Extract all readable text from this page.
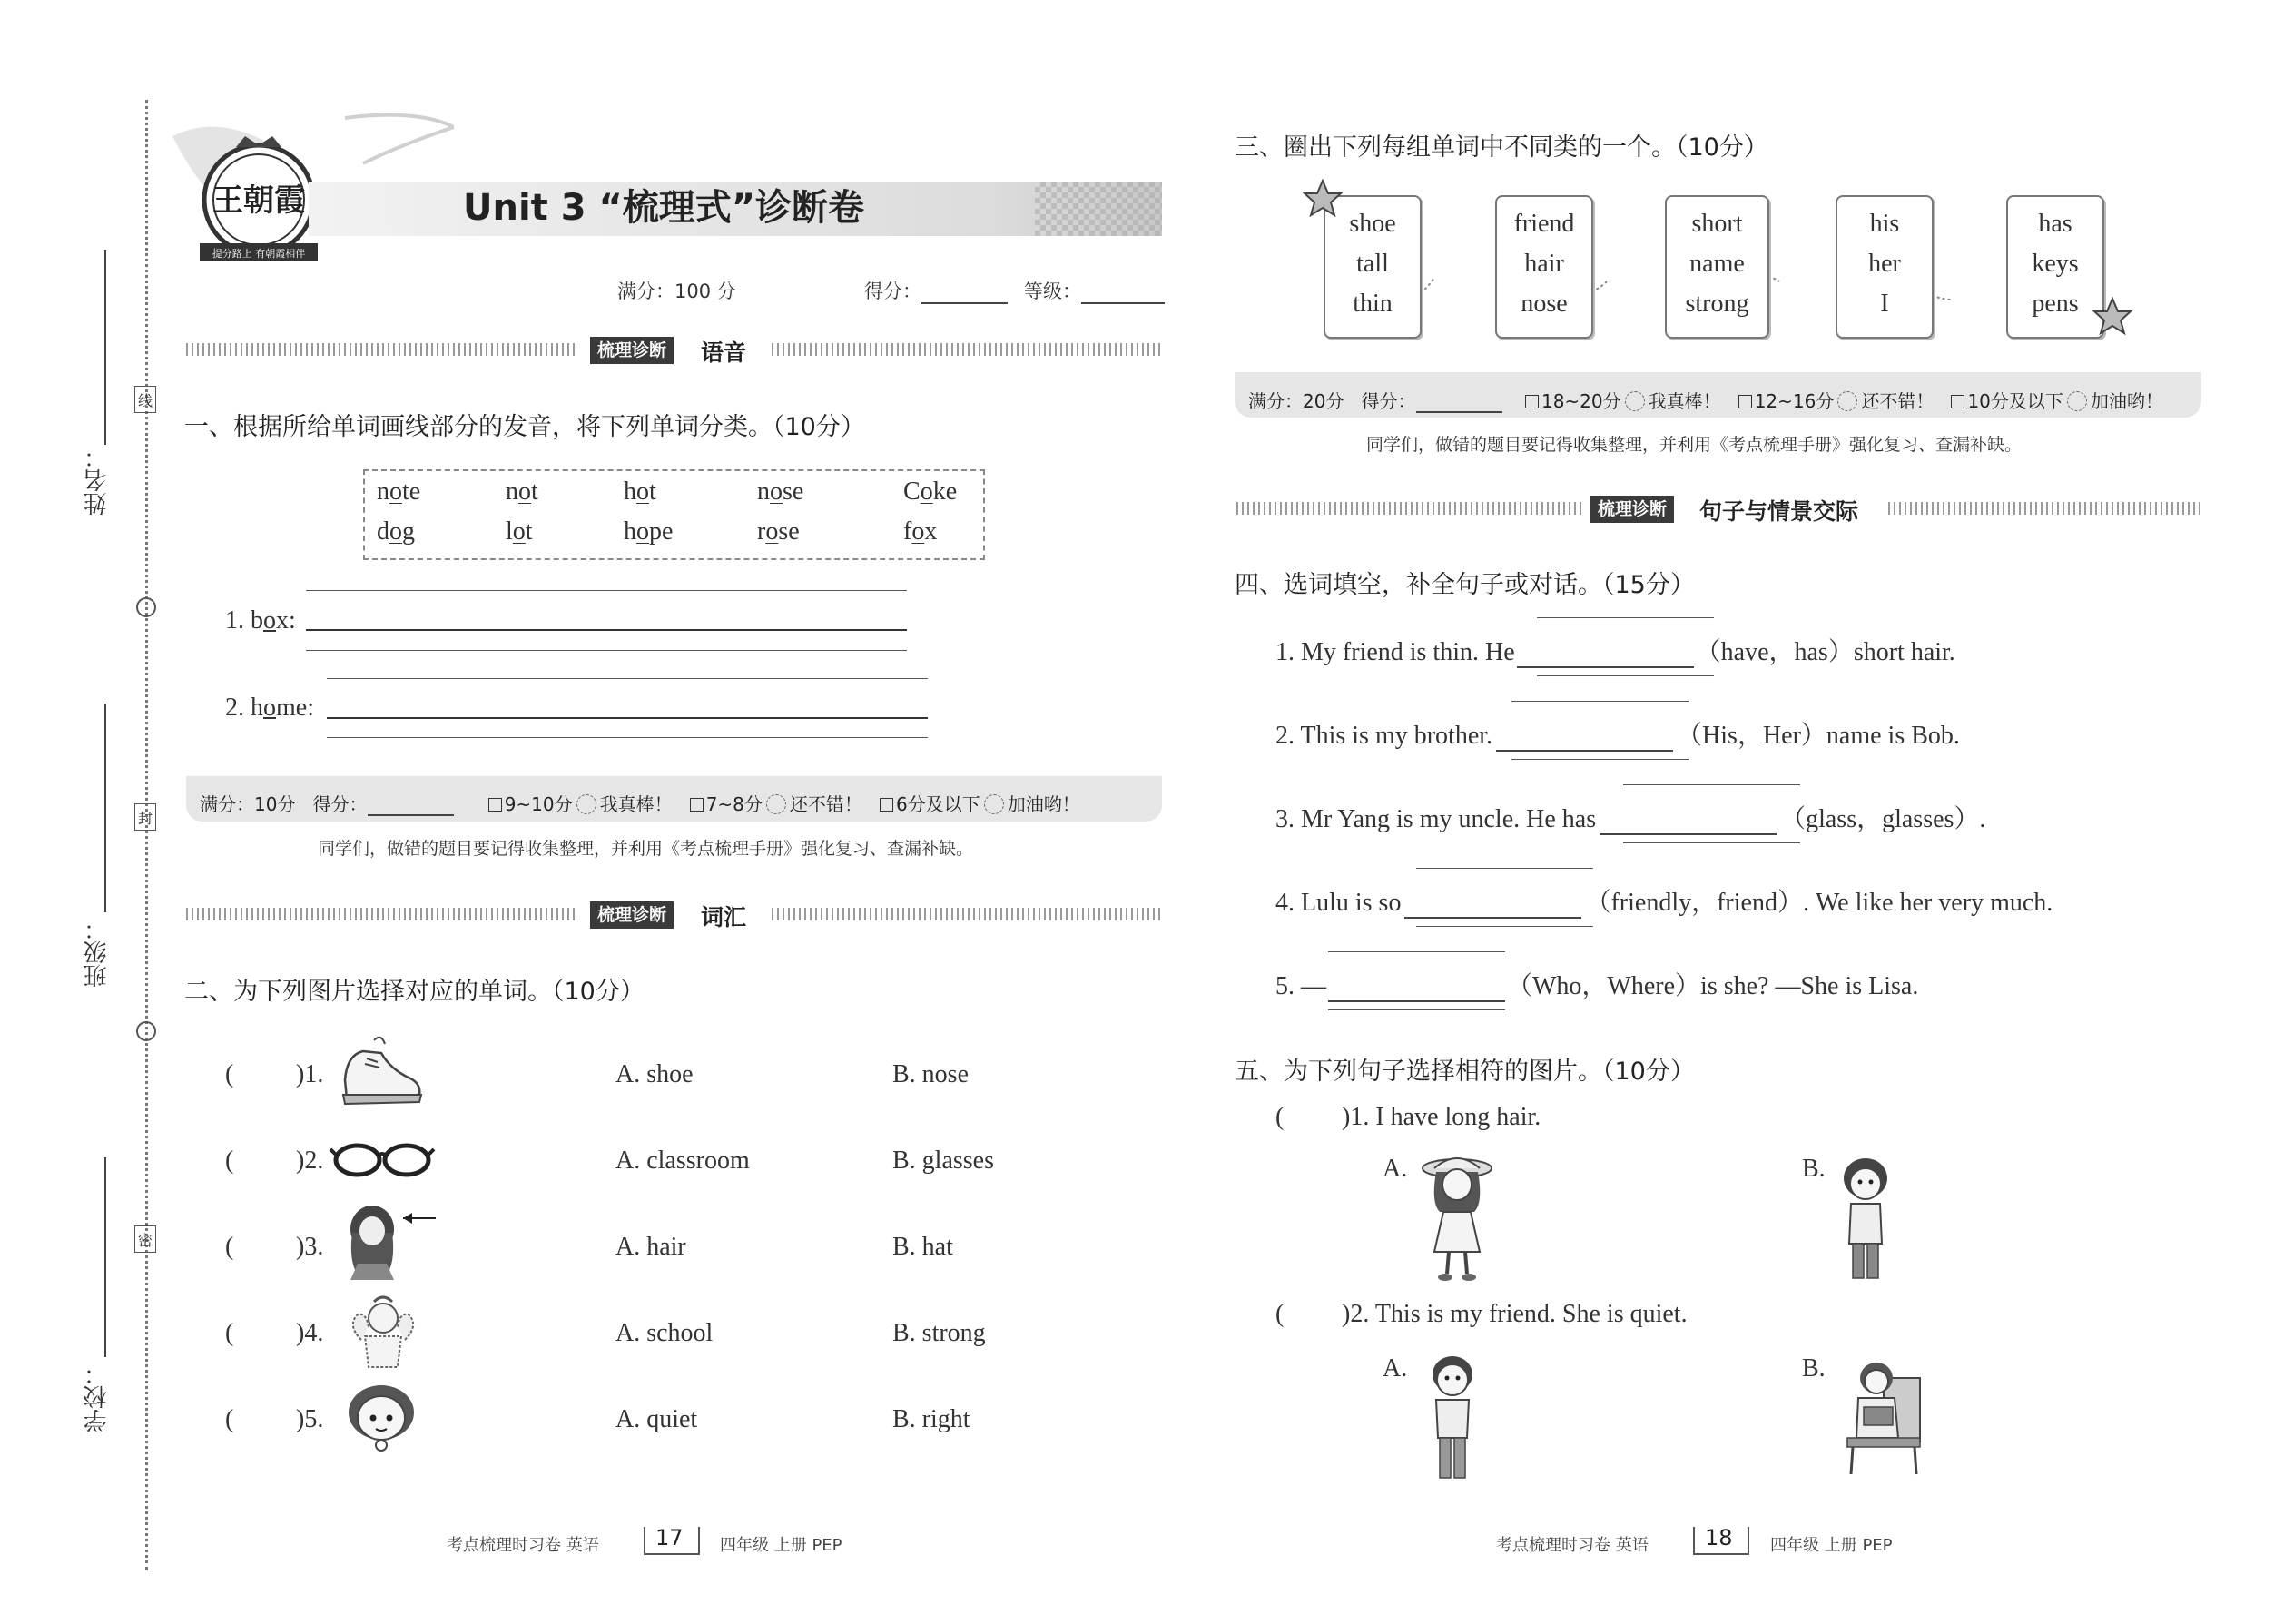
姓名：
班级：
学校：
线
封
密
王朝霞
提分路上 有朝霞相伴
Unit 3 “梳理式”诊断卷
满分：100 分	得分：	等级：
梳理诊断	语音
一、根据所给单词画线部分的发音，将下列单词分类。（10分）
note	not	hot	nose	Coke
dog	lot	hope	rose	fox
1. box:
2. home:
满分：10分 得分：	9~10分 我真棒！ 7~8分 还不错！ 6分及以下 加油哟！
同学们，做错的题目要记得收集整理，并利用《考点梳理手册》强化复习、查漏补缺。
梳理诊断	词汇
二、为下列图片选择对应的单词。（10分）
( )1.	A. shoe	B. nose
( )2.	A. classroom	B. glasses
( )3.	A. hair	B. hat
( )4.	A. school	B. strong
( )5.	A. quiet	B. right
考点梳理时习卷 英语	17 四年级 上册 PEP
三、圈出下列每组单词中不同类的一个。（10分）
shoe
tall
thin
friend
hair
nose
short
name
strong
his
her
I
has
keys
pens
满分：20分 得分：	18~20分 我真棒！ 12~16分 还不错！ 10分及以下 加油哟！
同学们，做错的题目要记得收集整理，并利用《考点梳理手册》强化复习、查漏补缺。
梳理诊断	句子与情景交际
四、选词填空，补全句子或对话。（15分）
1. My friend is thin. He	（have，has）short hair.
2. This is my brother.	（His，Her）name is Bob.
3. Mr Yang is my uncle. He has	（glass，glasses）.
4. Lulu is so	（friendly，friend）. We like her very much.
5. —	（Who，Where）is she? —She is Lisa.
五、为下列句子选择相符的图片。（10分）
( )1. I have long hair.
A.	B.
( )2. This is my friend. She is quiet.
A.	B.
考点梳理时习卷 英语	18 四年级 上册 PEP
